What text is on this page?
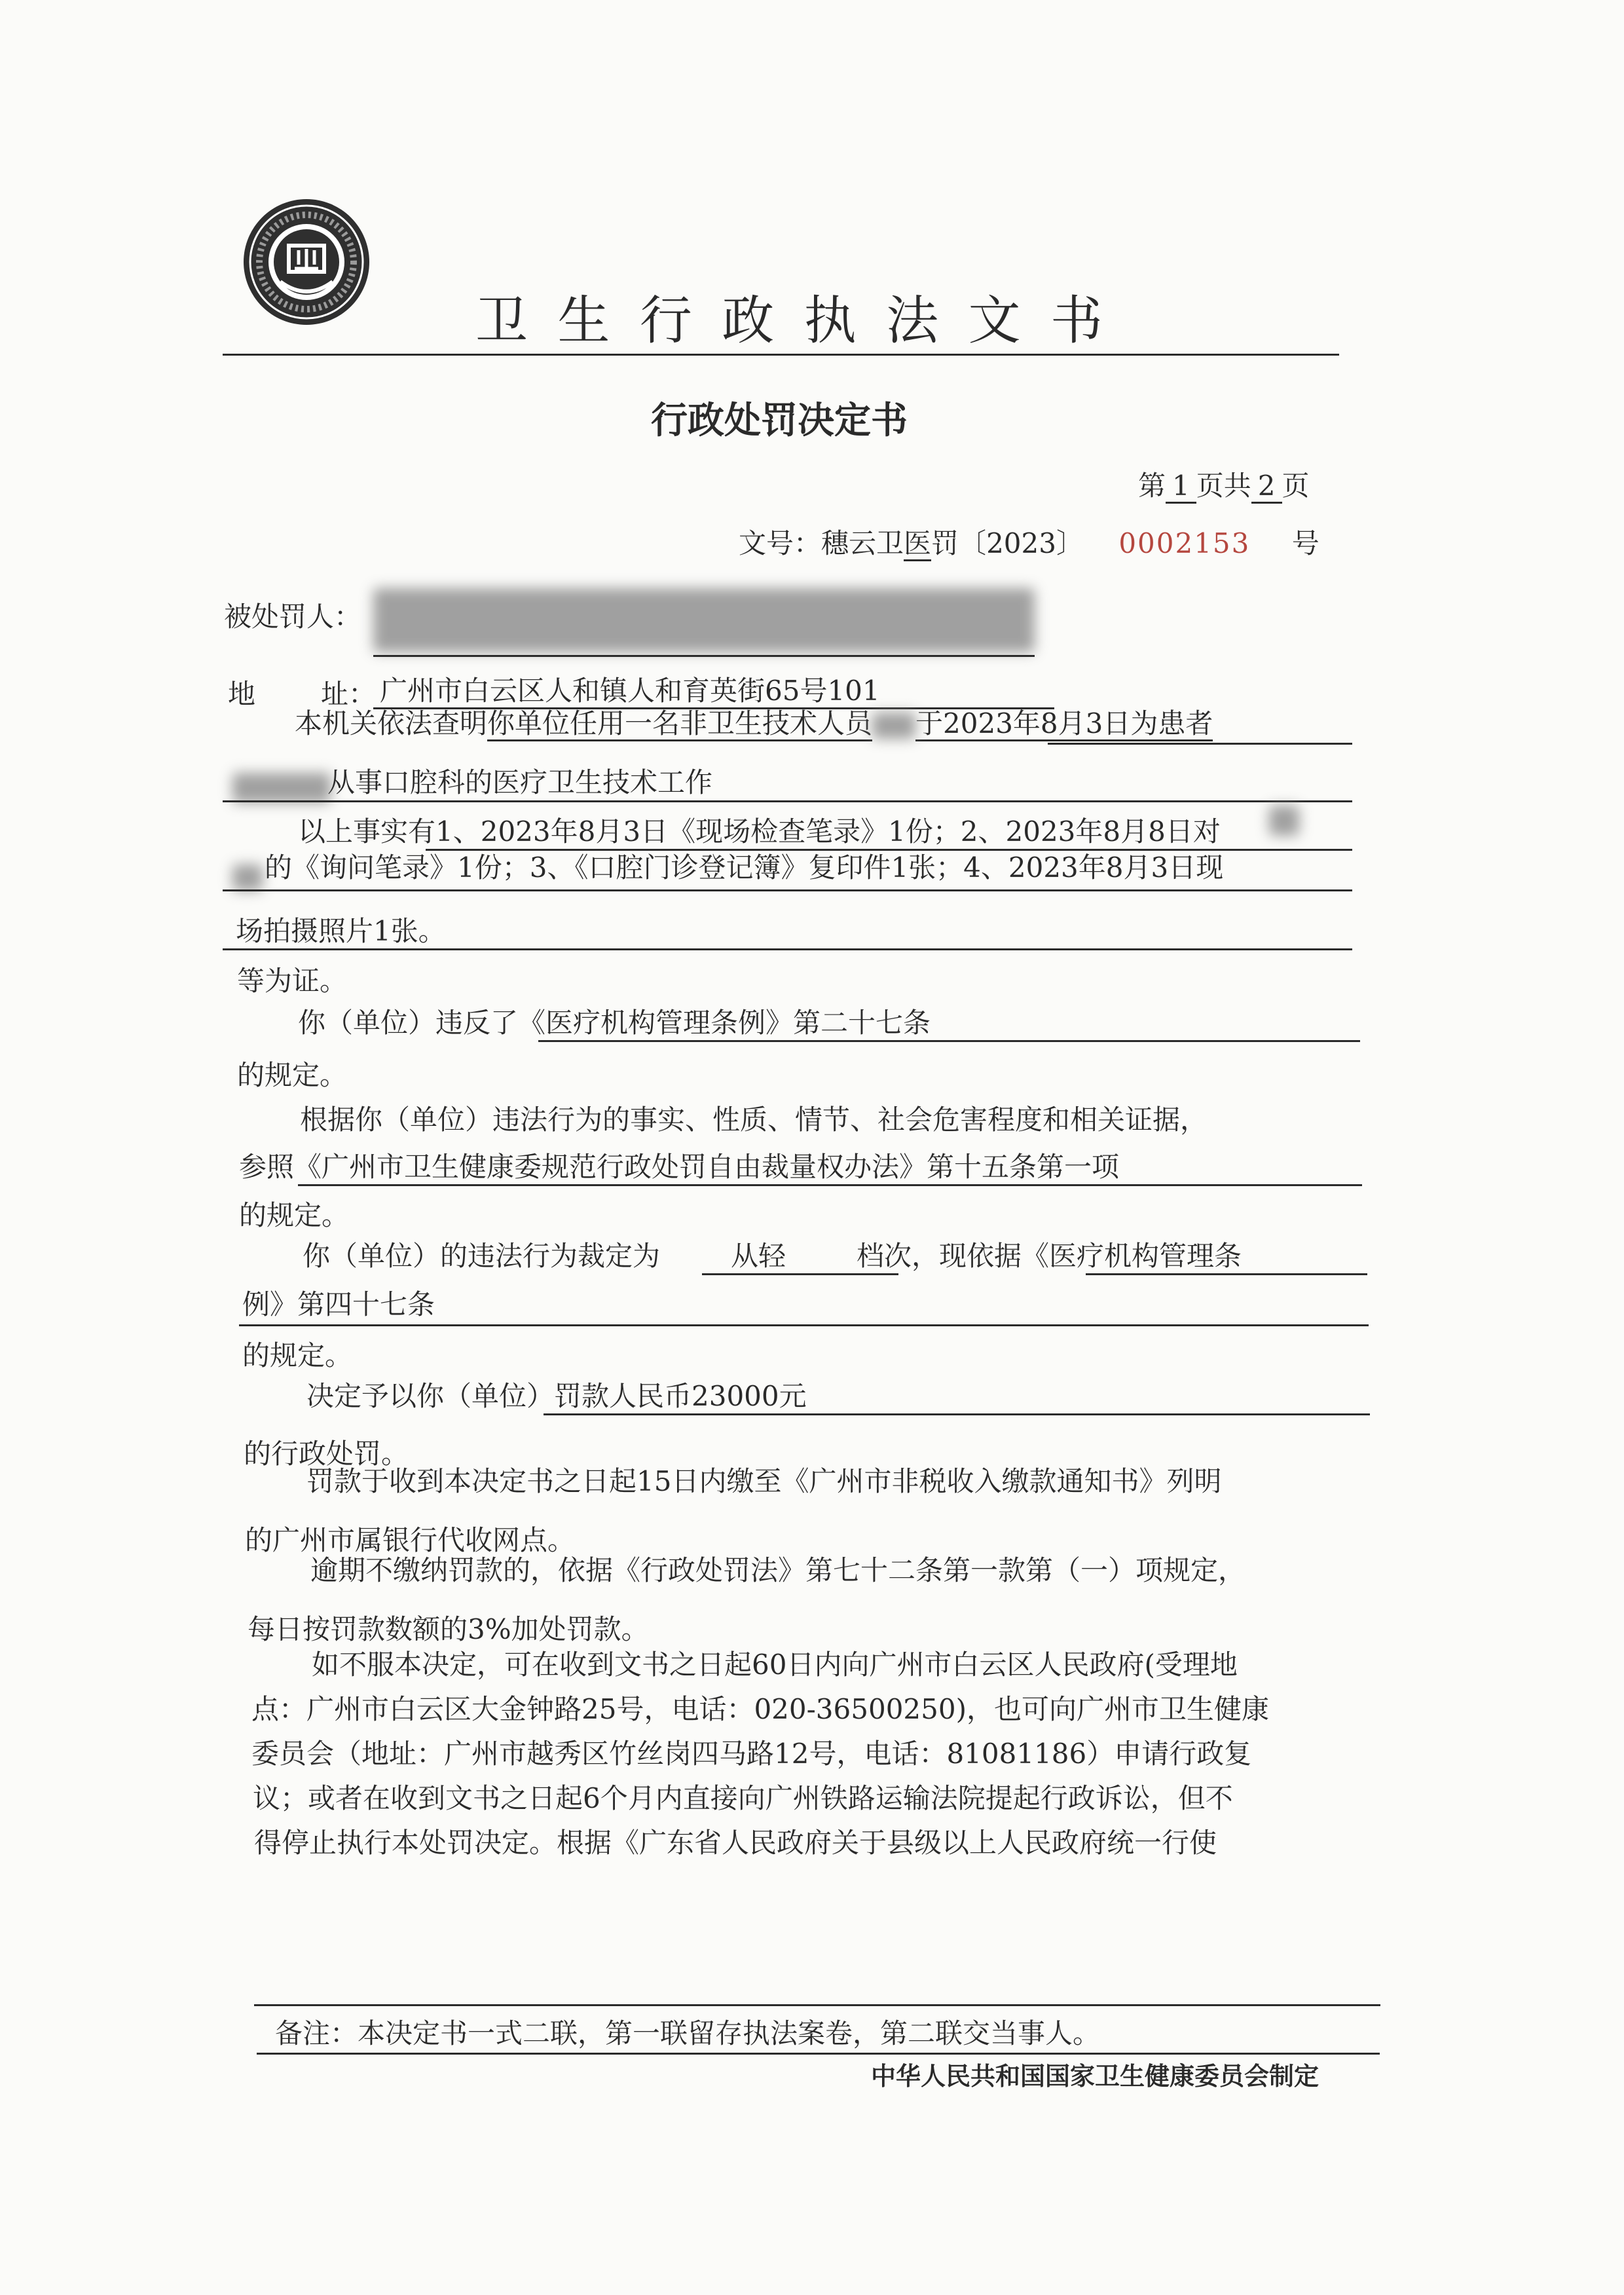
卫 生 行 政 执 法 文 书
行政处罚决定书
第 1 页共 2 页
文号：穗云卫医罚〔2023〕 0002153 号
被处罚人：
地 址： 广州市白云区人和镇人和育英街65号101
本机关依法查明你单位任用一名非卫生技术人员 于2023年8月3日为患者
从事口腔科的医疗卫生技术工作
以上事实有1、2023年8月3日《现场检查笔录》1份；2、2023年8月8日对
的《询问笔录》1份；3、《口腔门诊登记簿》复印件1张；4、2023年8月3日现
场拍摄照片1张。
等为证。
你（单位）违反了《医疗机构管理条例》第二十七条
的规定。
根据你（单位）违法行为的事实、性质、情节、社会危害程度和相关证据，
参照《广州市卫生健康委规范行政处罚自由裁量权办法》第十五条第一项
的规定。
你（单位）的违法行为裁定为	从轻	档次，现依据《医疗机构管理条
例》第四十七条
的规定。
决定予以你（单位）罚款人民币23000元
的行政处罚。
罚款于收到本决定书之日起15日内缴至《广州市非税收入缴款通知书》列明
的广州市属银行代收网点。
逾期不缴纳罚款的，依据《行政处罚法》第七十二条第一款第（一）项规定，
每日按罚款数额的3%加处罚款。
如不服本决定，可在收到文书之日起60日内向广州市白云区人民政府(受理地
点：广州市白云区大金钟路25号，电话：020-36500250)，也可向广州市卫生健康
委员会（地址：广州市越秀区竹丝岗四马路12号，电话：81081186）申请行政复
议；或者在收到文书之日起6个月内直接向广州铁路运输法院提起行政诉讼，但不
得停止执行本处罚决定。根据《广东省人民政府关于县级以上人民政府统一行使
备注：本决定书一式二联，第一联留存执法案卷，第二联交当事人。
中华人民共和国国家卫生健康委员会制定
